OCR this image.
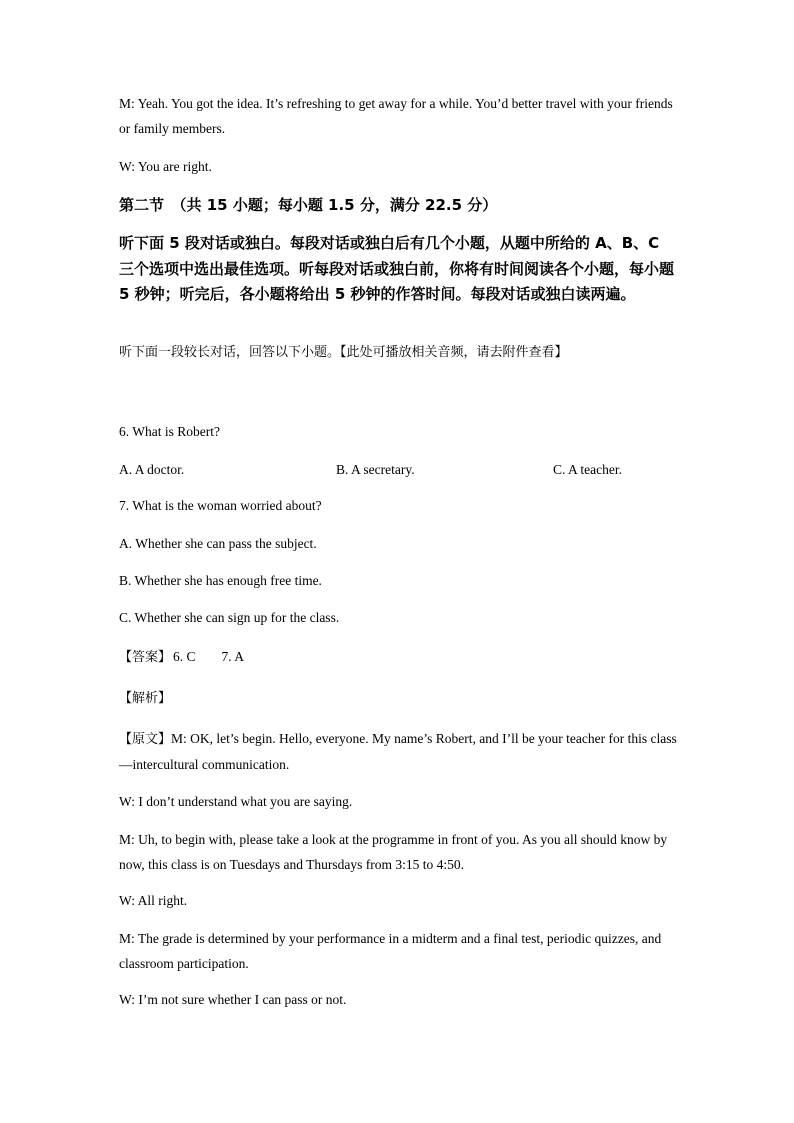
M: Yeah. You got the idea. It’s refreshing to get away for a while. You’d better travel with your friends or family members.

W: You are right.

第二节　（共 15 小题；每小题 1.5 分，满分 22.5 分）

听下面 5 段对话或独白。每段对话或独白后有几个小题，从题中所给的 A、B、C 三个选项中选出最佳选项。听每段对话或独白前，你将有时间阅读各个小题，每小题 5 秒钟；听完后，各小题将给出 5 秒钟的作答时间。每段对话或独白读两遍。

听下面一段较长对话，回答以下小题。【此处可播放相关音频，请去附件查看】

6. What is Robert?

A. A doctor.	B. A secretary.	C. A teacher.

7. What is the woman worried about?

A. Whether she can pass the subject.

B. Whether she has enough free time.

C. Whether she can sign up for the class.

【答案】 6. C 7. A

【解析】

【原文】M: OK, let’s begin. Hello, everyone. My name’s Robert, and I’ll be your teacher for this class—intercultural communication.

W: I don’t understand what you are saying.

M: Uh, to begin with, please take a look at the programme in front of you. As you all should know by now, this class is on Tuesdays and Thursdays from 3:15 to 4:50.

W: All right.

M: The grade is determined by your performance in a midterm and a final test, periodic quizzes, and classroom participation.

W: I’m not sure whether I can pass or not.
